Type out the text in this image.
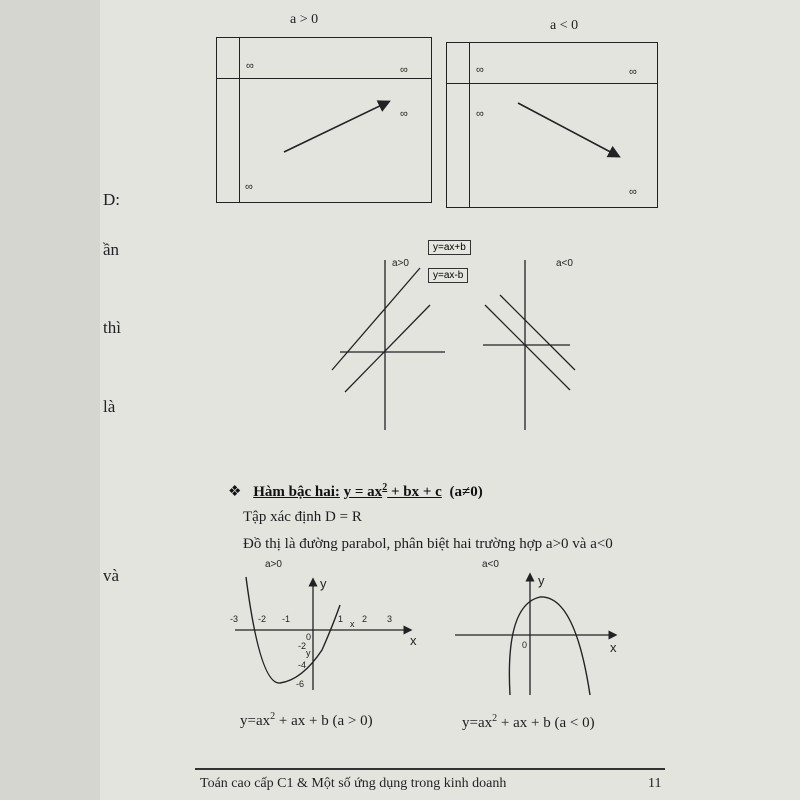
D:
ần
thì
là
và
a > 0	a < 0
∞	∞
∞
∞
∞	∞
∞
∞
y=ax+b
y=ax-b
a>0	a<0
❖ Hàm bậc hai: $y = ax^2$ + bx + c (a≠0)
Tập xác định D = R
Đồ thị là đường parabol, phân biệt hai trường hợp a>0 và a<0
a>0
y
x
-3 -2 -1	1 2 3
-2
-4
-6
0
x
y
a<0
y
x
0
$y=ax^2$ + ax + b (a > 0)	$y=ax^2$ + ax + b (a < 0)
Toán cao cấp C1 & Một số ứng dụng trong kinh doanh	11
